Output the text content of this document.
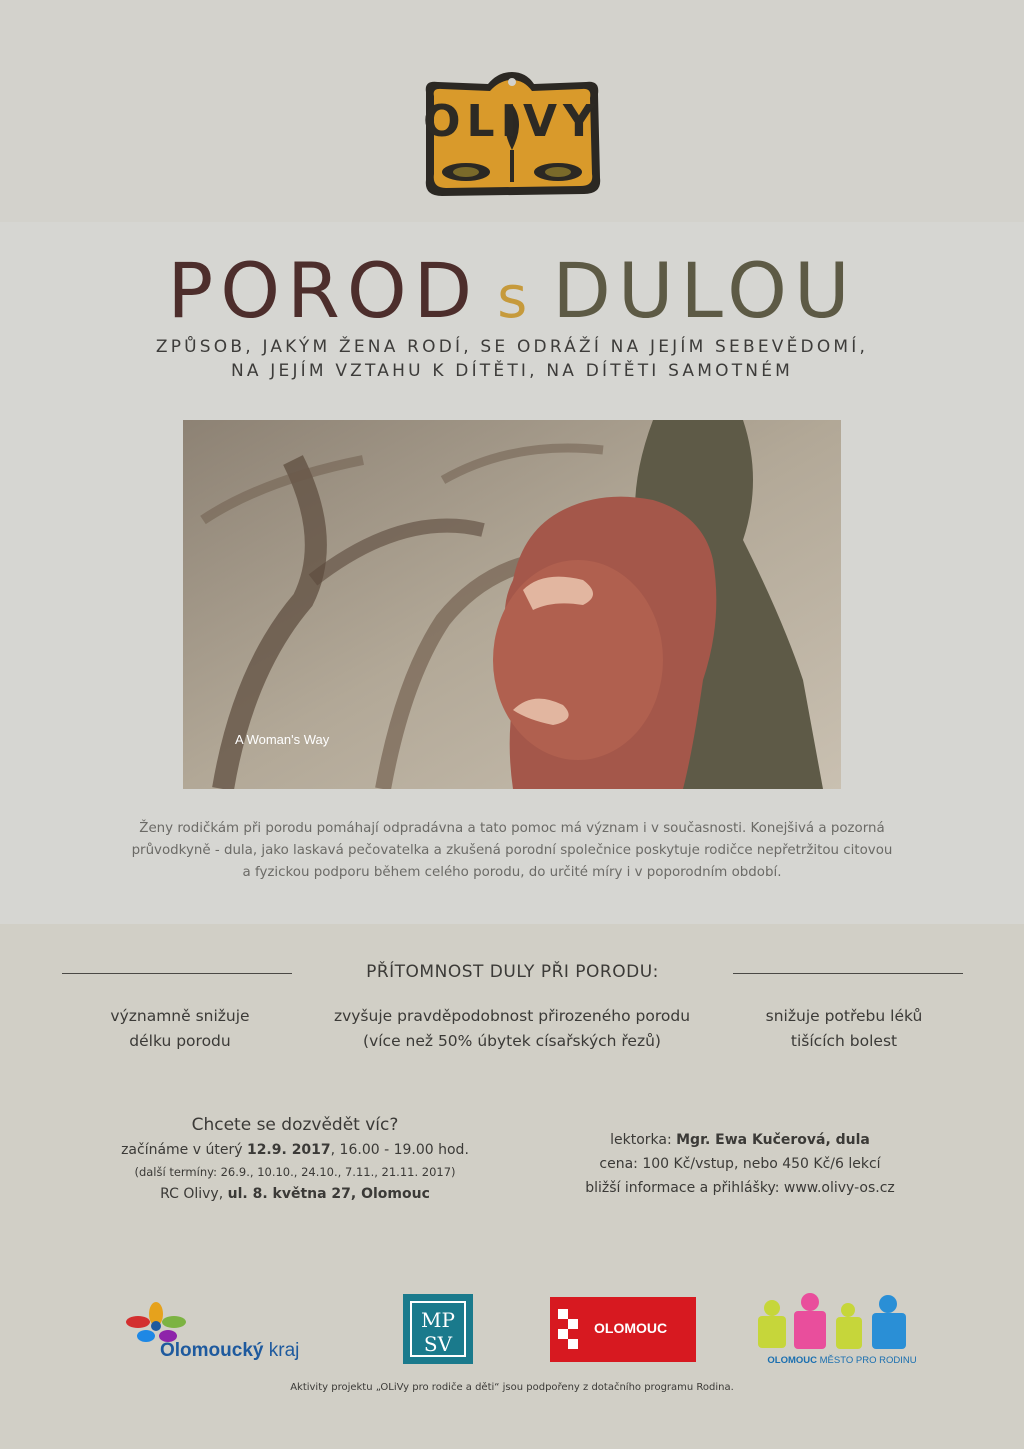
OLIVY
POROD s DULOU
ZPŮSOB, JAKÝM ŽENA RODÍ, SE ODRÁŽÍ NA JEJÍM SEBEVĚDOMÍ,
NA JEJÍM VZTAHU K DÍTĚTI, NA DÍTĚTI SAMOTNÉM
A Woman's Way
Ženy rodičkám při porodu pomáhají odpradávna a tato pomoc má význam i v současnosti. Konejšivá a pozorná
průvodkyně - dula, jako laskavá pečovatelka a zkušená porodní společnice poskytuje rodičce nepřetržitou citovou
a fyzickou podporu během celého porodu, do určité míry i v poporodním období.
PŘÍTOMNOST DULY PŘI PORODU:
významně snižuje
délku porodu
zvyšuje pravděpodobnost přirozeného porodu
(více než 50% úbytek císařských řezů)
snižuje potřebu léků
tišících bolest
Chcete se dozvědět víc?
začínáme v úterý 12.9. 2017, 16.00 - 19.00 hod.
(další termíny: 26.9., 10.10., 24.10., 7.11., 21.11. 2017)
RC Olivy, ul. 8. května 27, Olomouc
lektorka: Mgr. Ewa Kučerová, dula
cena: 100 Kč/vstup, nebo 450 Kč/6 lekcí
bližší informace a přihlášky: www.olivy-os.cz
Olomoucký kraj
MP
SV
OLOMOUC
OLOMOUC MĚSTO PRO RODINU
Aktivity projektu „OLiVy pro rodiče a děti“ jsou podpořeny z dotačního programu Rodina.
